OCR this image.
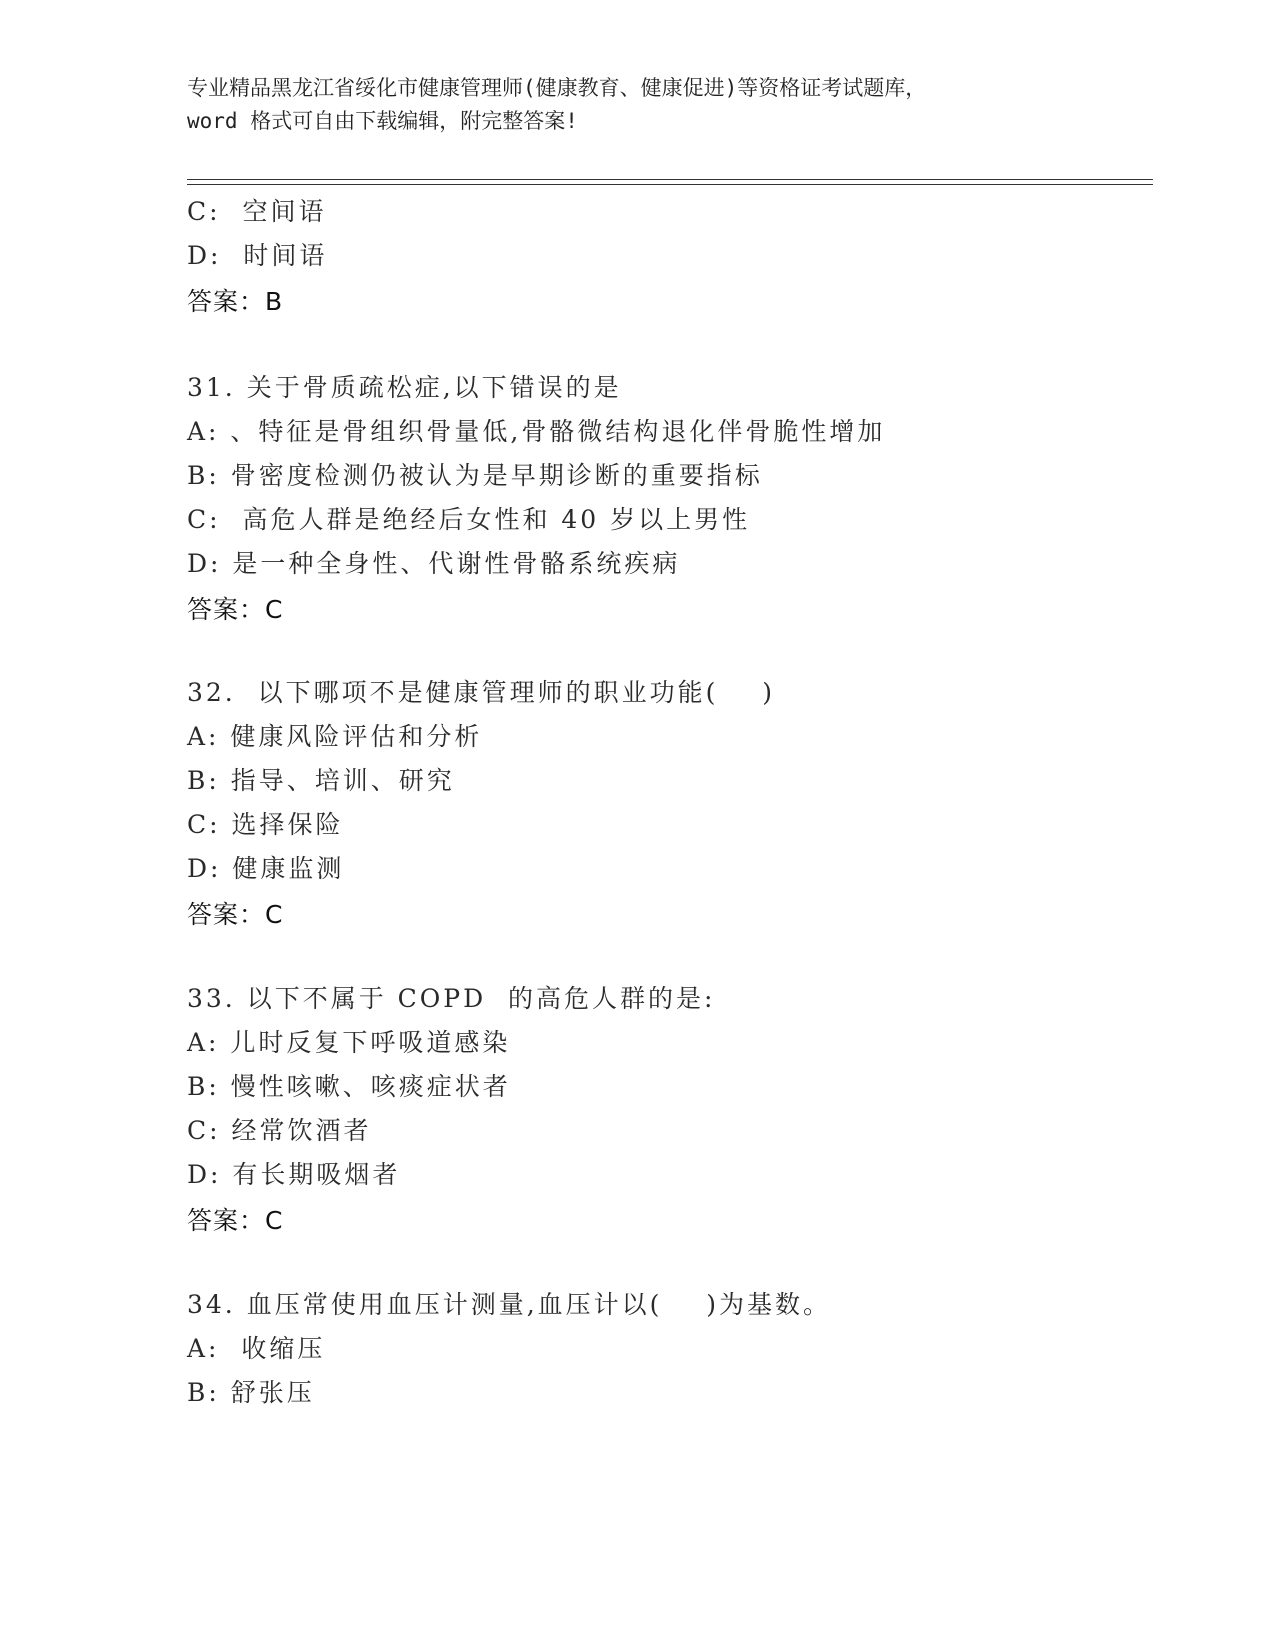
专业精品黑龙江省绥化市健康管理师(健康教育、健康促进)等资格证考试题库，
word 格式可自由下载编辑，附完整答案!
C:  空间语
D:  时间语
答案：B
31. 关于骨质疏松症,以下错误的是
A: 、特征是骨组织骨量低,骨骼微结构退化伴骨脆性增加
B: 骨密度检测仍被认为是早期诊断的重要指标
C:  高危人群是绝经后女性和 40 岁以上男性
D: 是一种全身性、代谢性骨骼系统疾病
答案：C
32.  以下哪项不是健康管理师的职业功能(    )
A: 健康风险评估和分析
B: 指导、培训、研究
C: 选择保险
D: 健康监测
答案：C
33. 以下不属于 COPD  的高危人群的是:
A: 儿时反复下呼吸道感染
B: 慢性咳嗽、咳痰症状者
C: 经常饮酒者
D: 有长期吸烟者
答案：C
34. 血压常使用血压计测量,血压计以(    )为基数。
A:  收缩压
B: 舒张压
